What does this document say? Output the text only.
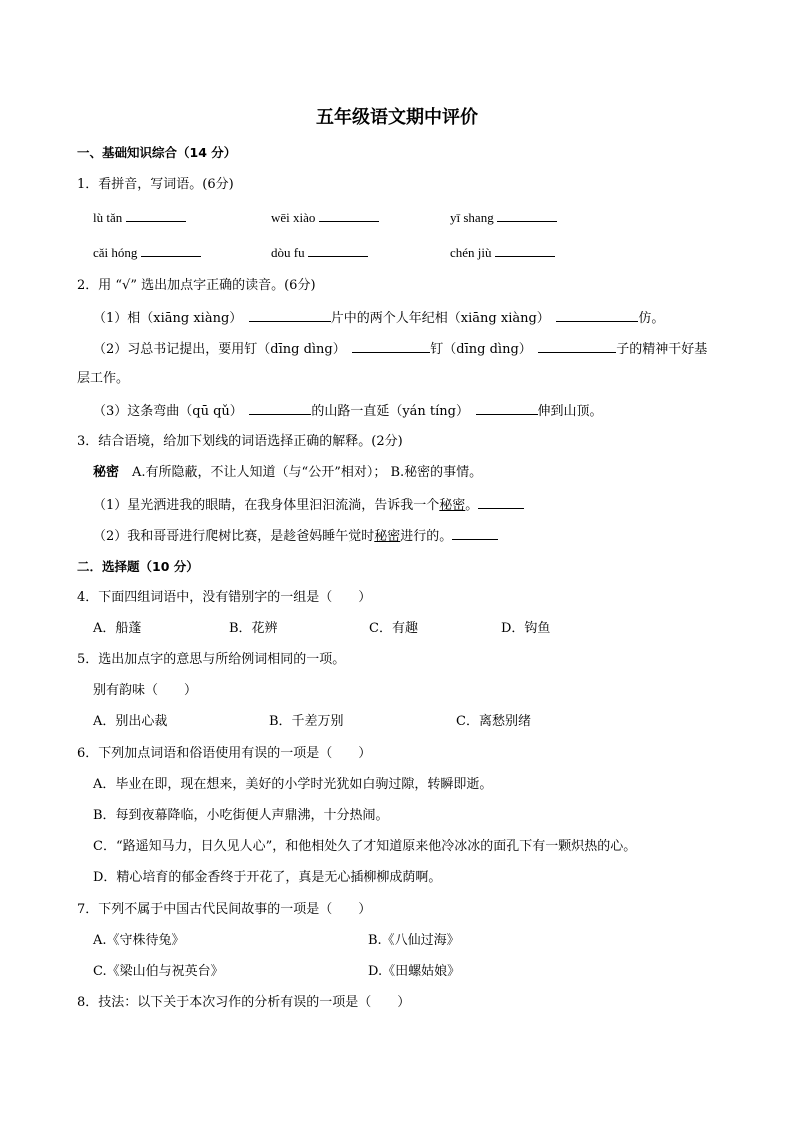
五年级语文期中评价
一、基础知识综合（14 分）
1．看拼音，写词语。(6分)
lù tǎn	wēi xiào	yī shang
cǎi hóng	dòu fu	chén jiù
2．用 “√” 选出加点字正确的读音。(6分)
（1）相（xiāng xiàng）　	片中的两个人年纪相（xiāng xiàng）　	仿。
（2）习总书记提出，要用钉（dīng dìng）　	钉（dīng dìng）　	子的精神干好基
层工作。
（3）这条弯曲（qū qǔ）　	的山路一直延（yán tíng）　	伸到山顶。
3．结合语境，给加下划线的词语选择正确的解释。(2分)
秘密　 A.有所隐蔽，不让人知道（与“公开”相对）； B.秘密的事情。
（1）星光洒进我的眼睛，在我身体里汩汩流淌，告诉我一个秘密。
（2）我和哥哥进行爬树比赛，是趁爸妈睡午觉时秘密进行的。
二．选择题（10 分）
4．下面四组词语中，没有错别字的一组是（　　）
A．船蓬	B．花辨	C．有趣	D．钩鱼
5．选出加点字的意思与所给例词相同的一项。
别有韵味（　　）
A．别出心裁	B．千差万别	C．离愁别绪
6．下列加点词语和俗语使用有误的一项是（　　）
A．毕业在即，现在想来，美好的小学时光犹如白驹过隙，转瞬即逝。
B．每到夜幕降临，小吃街便人声鼎沸，十分热闹。
C．“路遥知马力，日久见人心”，和他相处久了才知道原来他冷冰冰的面孔下有一颗炽热的心。
D．精心培育的郁金香终于开花了，真是无心插柳柳成荫啊。
7．下列不属于中国古代民间故事的一项是（　　）
A.《守株待兔》	B.《八仙过海》
C.《梁山伯与祝英台》	D.《田螺姑娘》
8．技法：以下关于本次习作的分析有误的一项是（　　）
